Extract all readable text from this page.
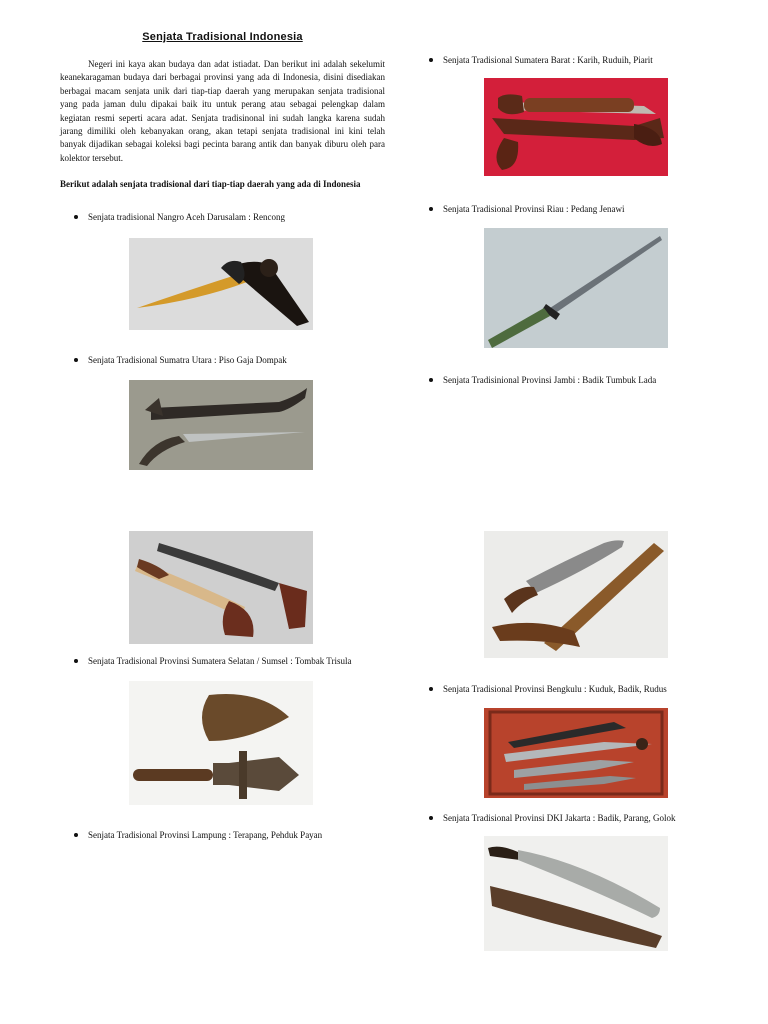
Senjata Tradisional Indonesia
Negeri ini kaya akan budaya dan adat istiadat. Dan berikut ini adalah sekelumit keanekaragaman budaya dari berbagai provinsi yang ada di Indonesia, disini disediakan berbagai macam senjata unik dari tiap-tiap daerah yang merupakan senjata tradisional yang pada jaman dulu dipakai baik itu untuk perang atau sebagai pelengkap dalam kegiatan resmi seperti acara adat. Senjata tradisinonal ini sudah langka karena sudah jarang dimiliki oleh kebanyakan orang, akan tetapi senjata tradisional ini kini telah banyak dijadikan sebagai koleksi bagi pecinta barang antik dan banyak diburu oleh para kolektor tersebut.
Berikut adalah senjata tradisional dari tiap-tiap daerah yang ada di Indonesia
Senjata tradisional Nangro Aceh Darusalam : Rencong
Senjata Tradisional Sumatra Utara : Piso Gaja Dompak
Senjata Tradisional Provinsi Sumatera Selatan / Sumsel : Tombak Trisula
Senjata Tradisional Provinsi Lampung : Terapang, Pehduk Payan
Senjata Tradisional Sumatera Barat : Karih, Ruduih, Piarit
Senjata Tradisional Provinsi Riau : Pedang Jenawi
Senjata Tradisinional Provinsi Jambi : Badik Tumbuk Lada
Senjata Tradisional Provinsi Bengkulu : Kuduk, Badik, Rudus
Senjata Tradisional Provinsi DKI Jakarta : Badik, Parang, Golok
